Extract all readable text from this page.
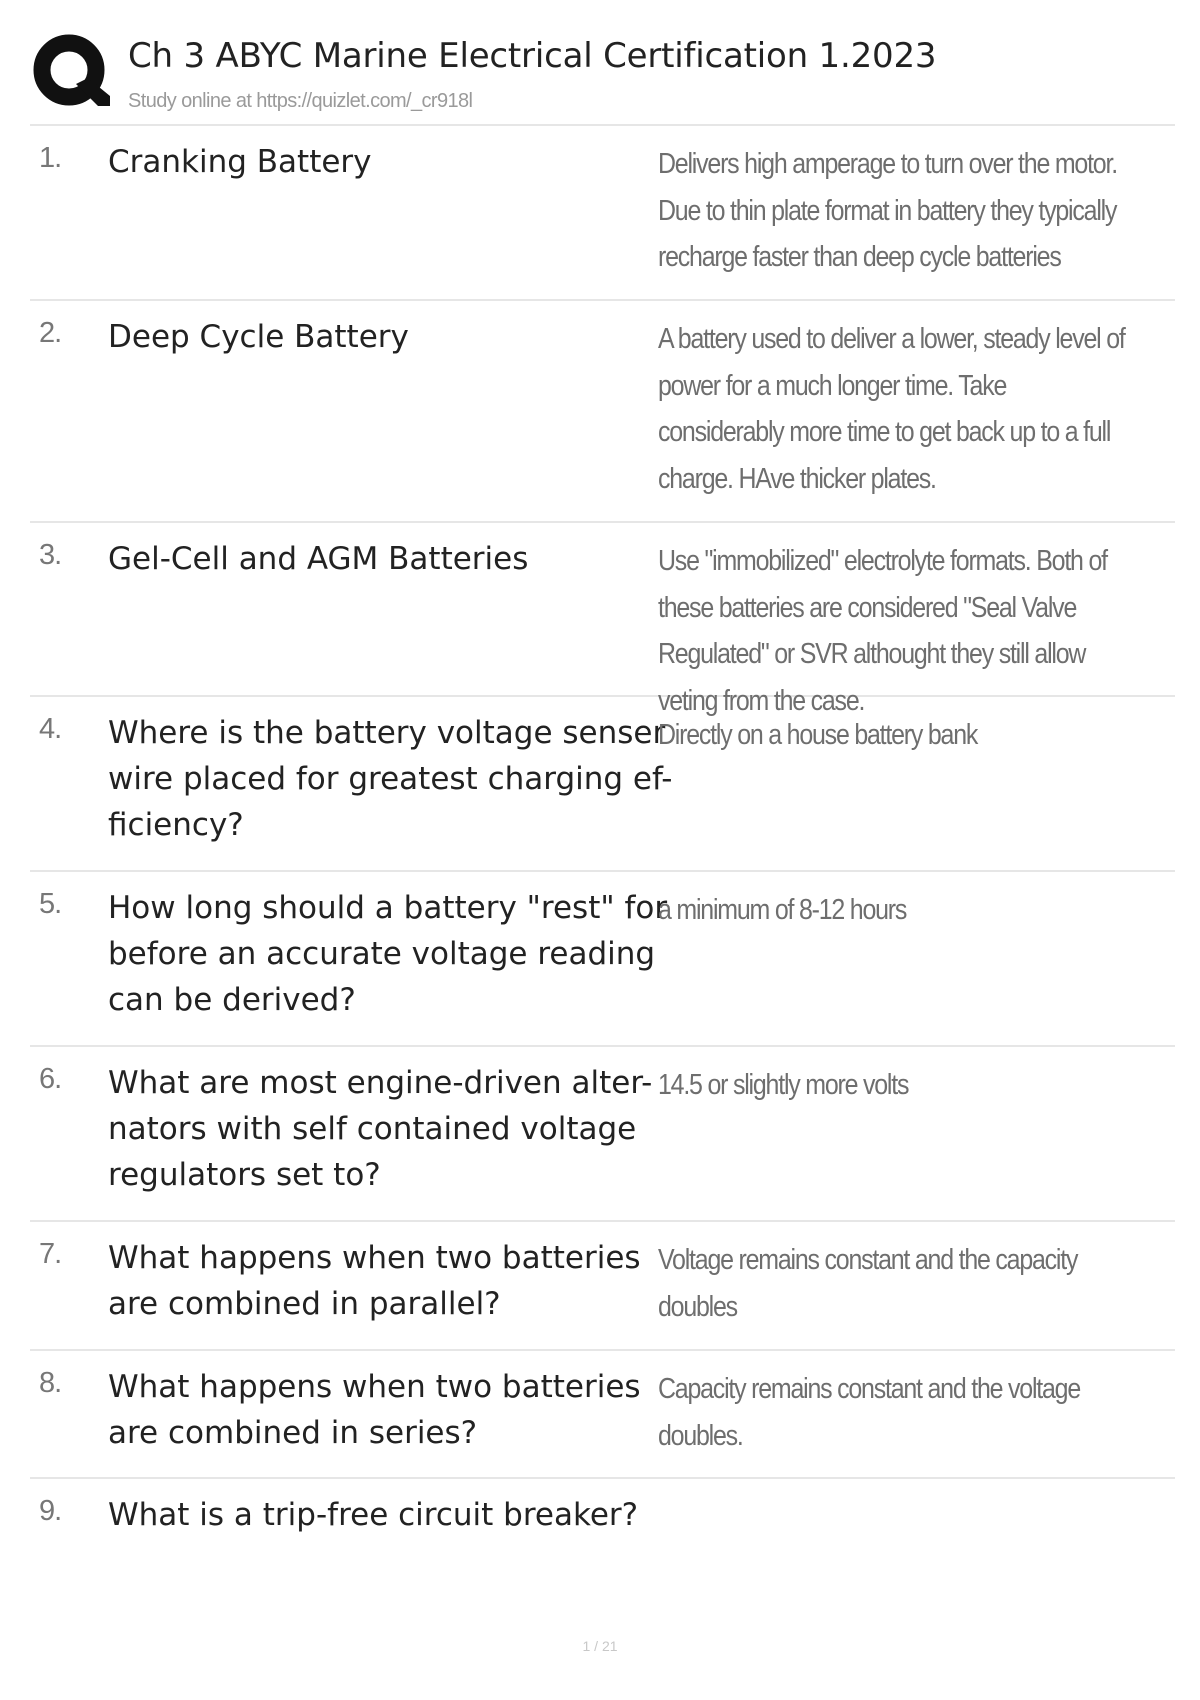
Ch 3 ABYC Marine Electrical Certification 1.2023
Study online at https://quizlet.com/_cr918l
1. Cranking Battery	Delivers high amperage to turn over the motor. Due to thin plate format in battery they typically recharge faster than deep cycle batteries
2. Deep Cycle Battery	A battery used to deliver a lower, steady level of power for a much longer time. Take considerably more time to get back up to a full charge. HAve thicker plates.
3. Gel-Cell and AGM Batteries	Use "immobilized" electrolyte formats. Both of these batteries are considered "Seal Valve Regulated" or SVR althought they still allow veting from the case.
4. Where is the battery voltage senser wire placed for greatest charging ef-ficiency?
Directly on a house battery bank
5. How long should a battery "rest" for before an accurate voltage reading can be derived?
a minimum of 8-12 hours
6. What are most engine-driven alter-nators with self contained voltage regulators set to?
14.5 or slightly more volts
7. What happens when two batteries are combined in parallel?
Voltage remains constant and the capacity doubles
8. What happens when two batteries are combined in series?
Capacity remains constant and the voltage doubles.
9. What is a trip-free circuit breaker?
1 / 21
